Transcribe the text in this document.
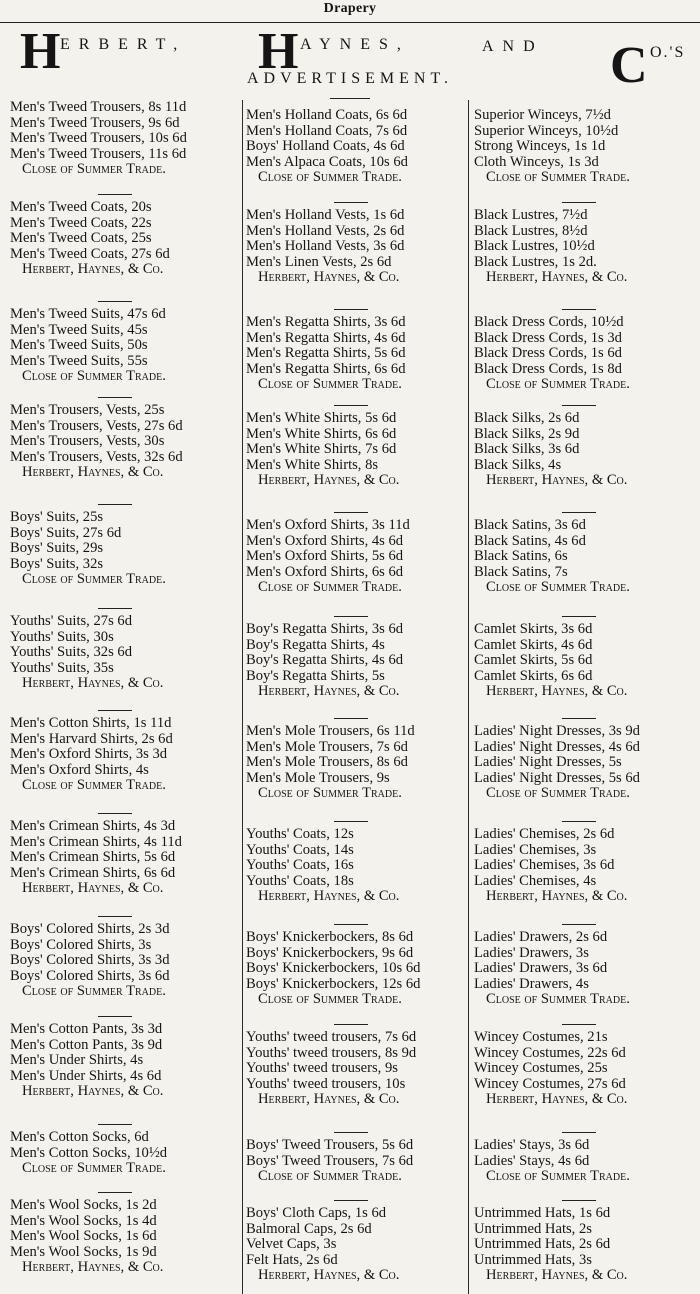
Drapery
H ERBERT, H AYNES,	AND C O.'S
ADVERTISEMENT.
Men's Tweed Trousers, 8s 11d
Men's Tweed Trousers, 9s 6d
Men's Tweed Trousers, 10s 6d
Men's Tweed Trousers, 11s 6d
Close of Summer Trade.
Men's Tweed Coats, 20s
Men's Tweed Coats, 22s
Men's Tweed Coats, 25s
Men's Tweed Coats, 27s 6d
Herbert, Haynes, & Co.
Men's Tweed Suits, 47s 6d
Men's Tweed Suits, 45s
Men's Tweed Suits, 50s
Men's Tweed Suits, 55s
Close of Summer Trade.
Men's Trousers, Vests, 25s
Men's Trousers, Vests, 27s 6d
Men's Trousers, Vests, 30s
Men's Trousers, Vests, 32s 6d
Herbert, Haynes, & Co.
Boys' Suits, 25s
Boys' Suits, 27s 6d
Boys' Suits, 29s
Boys' Suits, 32s
Close of Summer Trade.
Youths' Suits, 27s 6d
Youths' Suits, 30s
Youths' Suits, 32s 6d
Youths' Suits, 35s
Herbert, Haynes, & Co.
Men's Cotton Shirts, 1s 11d
Men's Harvard Shirts, 2s 6d
Men's Oxford Shirts, 3s 3d
Men's Oxford Shirts, 4s
Close of Summer Trade.
Men's Crimean Shirts, 4s 3d
Men's Crimean Shirts, 4s 11d
Men's Crimean Shirts, 5s 6d
Men's Crimean Shirts, 6s 6d
Herbert, Haynes, & Co.
Boys' Colored Shirts, 2s 3d
Boys' Colored Shirts, 3s
Boys' Colored Shirts, 3s 3d
Boys' Colored Shirts, 3s 6d
Close of Summer Trade.
Men's Cotton Pants, 3s 3d
Men's Cotton Pants, 3s 9d
Men's Under Shirts, 4s
Men's Under Shirts, 4s 6d
Herbert, Haynes, & Co.
Men's Cotton Socks, 6d
Men's Cotton Socks, 10½d
Close of Summer Trade.
Men's Wool Socks, 1s 2d
Men's Wool Socks, 1s 4d
Men's Wool Socks, 1s 6d
Men's Wool Socks, 1s 9d
Herbert, Haynes, & Co.
Men's Holland Coats, 6s 6d
Men's Holland Coats, 7s 6d
Boys' Holland Coats, 4s 6d
Men's Alpaca Coats, 10s 6d
Close of Summer Trade.
Men's Holland Vests, 1s 6d
Men's Holland Vests, 2s 6d
Men's Holland Vests, 3s 6d
Men's Linen Vests, 2s 6d
Herbert, Haynes, & Co.
Men's Regatta Shirts, 3s 6d
Men's Regatta Shirts, 4s 6d
Men's Regatta Shirts, 5s 6d
Men's Regatta Shirts, 6s 6d
Close of Summer Trade.
Men's White Shirts, 5s 6d
Men's White Shirts, 6s 6d
Men's White Shirts, 7s 6d
Men's White Shirts, 8s
Herbert, Haynes, & Co.
Men's Oxford Shirts, 3s 11d
Men's Oxford Shirts, 4s 6d
Men's Oxford Shirts, 5s 6d
Men's Oxford Shirts, 6s 6d
Close of Summer Trade.
Boy's Regatta Shirts, 3s 6d
Boy's Regatta Shirts, 4s
Boy's Regatta Shirts, 4s 6d
Boy's Regatta Shirts, 5s
Herbert, Haynes, & Co.
Men's Mole Trousers, 6s 11d
Men's Mole Trousers, 7s 6d
Men's Mole Trousers, 8s 6d
Men's Mole Trousers, 9s
Close of Summer Trade.
Youths' Coats, 12s
Youths' Coats, 14s
Youths' Coats, 16s
Youths' Coats, 18s
Herbert, Haynes, & Co.
Boys' Knickerbockers, 8s 6d
Boys' Knickerbockers, 9s 6d
Boys' Knickerbockers, 10s 6d
Boys' Knickerbockers, 12s 6d
Close of Summer Trade.
Youths' tweed trousers, 7s 6d
Youths' tweed trousers, 8s 9d
Youths' tweed trousers, 9s
Youths' tweed trousers, 10s
Herbert, Haynes, & Co.
Boys' Tweed Trousers, 5s 6d
Boys' Tweed Trousers, 7s 6d
Close of Summer Trade.
Boys' Cloth Caps, 1s 6d
Balmoral Caps, 2s 6d
Velvet Caps, 3s
Felt Hats, 2s 6d
Herbert, Haynes, & Co.
Superior Winceys, 7½d
Superior Winceys, 10½d
Strong Winceys, 1s 1d
Cloth Winceys, 1s 3d
Close of Summer Trade.
Black Lustres, 7½d
Black Lustres, 8½d
Black Lustres, 10½d
Black Lustres, 1s 2d.
Herbert, Haynes, & Co.
Black Dress Cords, 10½d
Black Dress Cords, 1s 3d
Black Dress Cords, 1s 6d
Black Dress Cords, 1s 8d
Close of Summer Trade.
Black Silks, 2s 6d
Black Silks, 2s 9d
Black Silks, 3s 6d
Black Silks, 4s
Herbert, Haynes, & Co.
Black Satins, 3s 6d
Black Satins, 4s 6d
Black Satins, 6s
Black Satins, 7s
Close of Summer Trade.
Camlet Skirts, 3s 6d
Camlet Skirts, 4s 6d
Camlet Skirts, 5s 6d
Camlet Skirts, 6s 6d
Herbert, Haynes, & Co.
Ladies' Night Dresses, 3s 9d
Ladies' Night Dresses, 4s 6d
Ladies' Night Dresses, 5s
Ladies' Night Dresses, 5s 6d
Close of Summer Trade.
Ladies' Chemises, 2s 6d
Ladies' Chemises, 3s
Ladies' Chemises, 3s 6d
Ladies' Chemises, 4s
Herbert, Haynes, & Co.
Ladies' Drawers, 2s 6d
Ladies' Drawers, 3s
Ladies' Drawers, 3s 6d
Ladies' Drawers, 4s
Close of Summer Trade.
Wincey Costumes, 21s
Wincey Costumes, 22s 6d
Wincey Costumes, 25s
Wincey Costumes, 27s 6d
Herbert, Haynes, & Co.
Ladies' Stays, 3s 6d
Ladies' Stays, 4s 6d
Close of Summer Trade.
Untrimmed Hats, 1s 6d
Untrimmed Hats, 2s
Untrimmed Hats, 2s 6d
Untrimmed Hats, 3s
Herbert, Haynes, & Co.
